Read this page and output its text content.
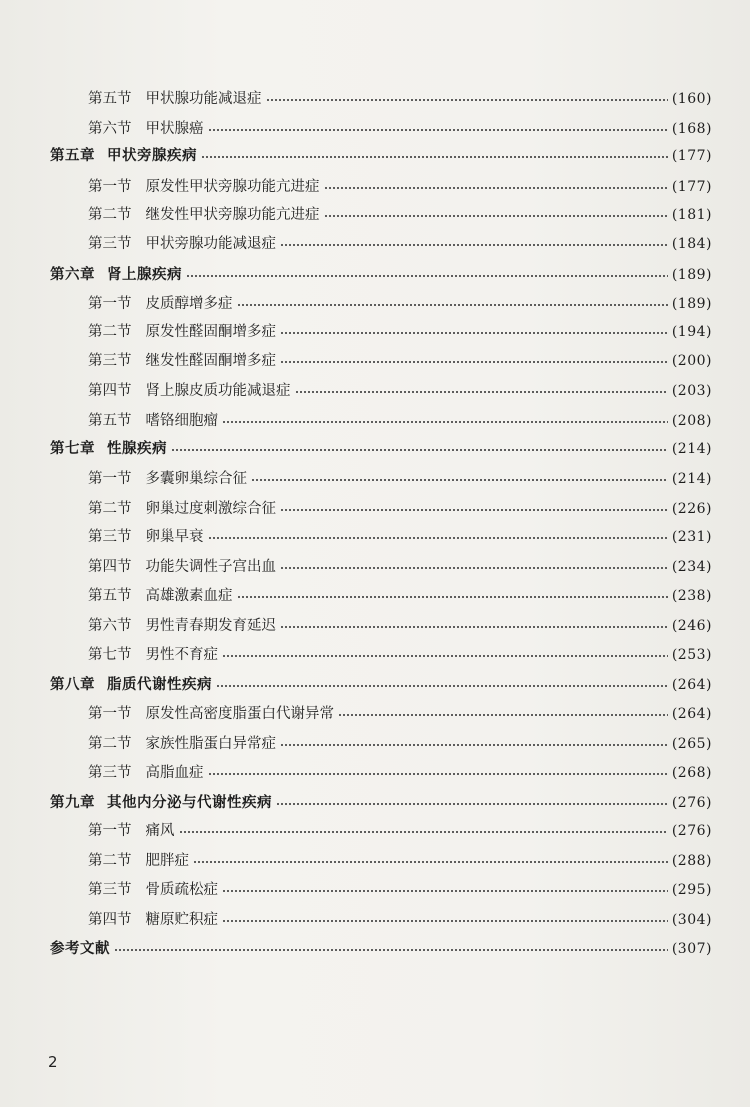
第五节 甲状腺功能减退症	(160)
第六节 甲状腺癌	(168)
第五章 甲状旁腺疾病	(177)
第一节 原发性甲状旁腺功能亢进症	(177)
第二节 继发性甲状旁腺功能亢进症	(181)
第三节 甲状旁腺功能减退症	(184)
第六章 肾上腺疾病	(189)
第一节 皮质醇增多症	(189)
第二节 原发性醛固酮增多症	(194)
第三节 继发性醛固酮增多症	(200)
第四节 肾上腺皮质功能减退症	(203)
第五节 嗜铬细胞瘤	(208)
第七章 性腺疾病	(214)
第一节 多囊卵巢综合征	(214)
第二节 卵巢过度刺激综合征	(226)
第三节 卵巢早衰	(231)
第四节 功能失调性子宫出血	(234)
第五节 高雄激素血症	(238)
第六节 男性青春期发育延迟	(246)
第七节 男性不育症	(253)
第八章 脂质代谢性疾病	(264)
第一节 原发性高密度脂蛋白代谢异常	(264)
第二节 家族性脂蛋白异常症	(265)
第三节 高脂血症	(268)
第九章 其他内分泌与代谢性疾病	(276)
第一节 痛风	(276)
第二节 肥胖症	(288)
第三节 骨质疏松症	(295)
第四节 糖原贮积症	(304)
参考文献	(307)
2
